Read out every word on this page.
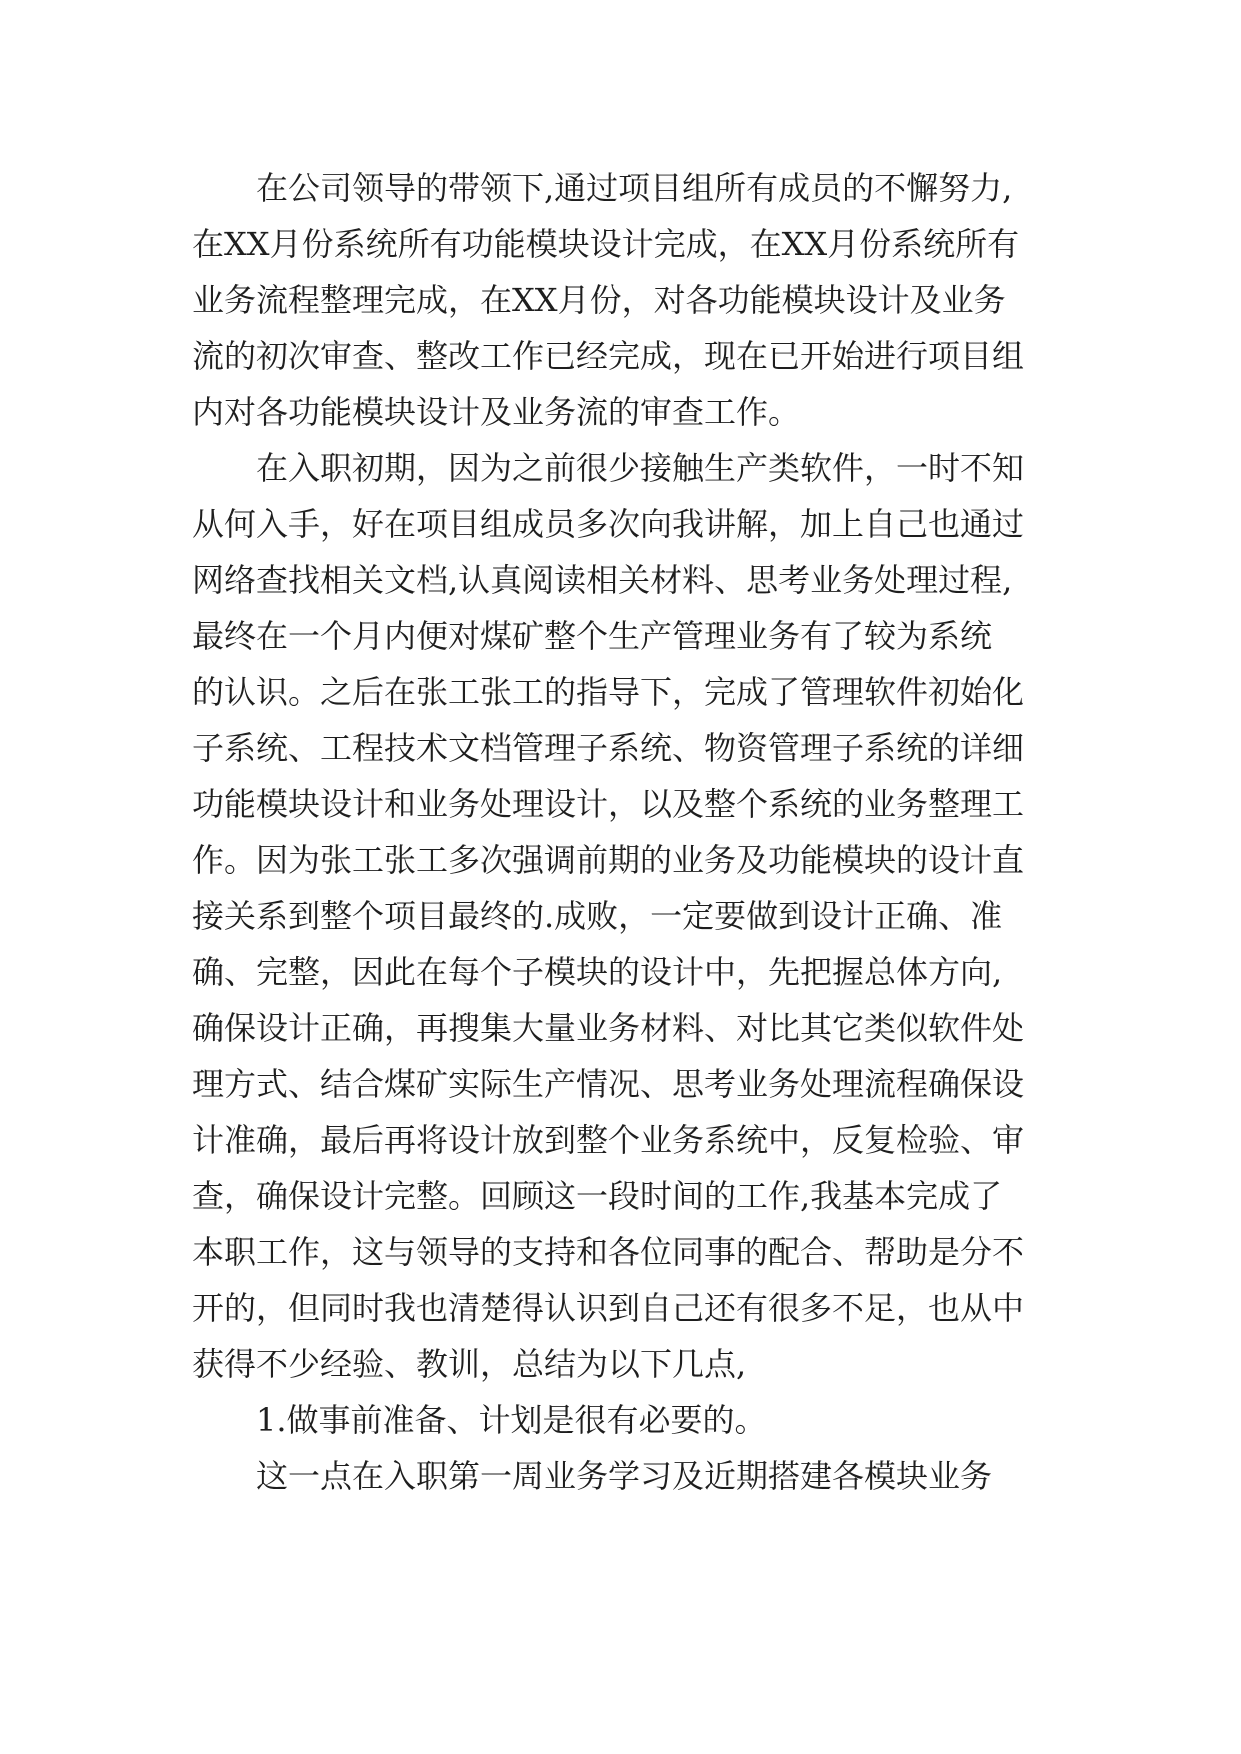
在公司领导的带领下,通过项目组所有成员的不懈努力,
在XX月份系统所有功能模块设计完成，在XX月份系统所有
业务流程整理完成，在XX月份，对各功能模块设计及业务
流的初次审查、整改工作已经完成，现在已开始进行项目组
内对各功能模块设计及业务流的审查工作。
在入职初期，因为之前很少接触生产类软件，一时不知
从何入手，好在项目组成员多次向我讲解，加上自己也通过
网络查找相关文档,认真阅读相关材料、思考业务处理过程,
最终在一个月内便对煤矿整个生产管理业务有了较为系统
的认识。之后在张工张工的指导下，完成了管理软件初始化
子系统、工程技术文档管理子系统、物资管理子系统的详细
功能模块设计和业务处理设计，以及整个系统的业务整理工
作。因为张工张工多次强调前期的业务及功能模块的设计直
接关系到整个项目最终的.成败，一定要做到设计正确、准
确、完整，因此在每个子模块的设计中，先把握总体方向,
确保设计正确，再搜集大量业务材料、对比其它类似软件处
理方式、结合煤矿实际生产情况、思考业务处理流程确保设
计准确，最后再将设计放到整个业务系统中，反复检验、审
查，确保设计完整。回顾这一段时间的工作,我基本完成了
本职工作，这与领导的支持和各位同事的配合、帮助是分不
开的，但同时我也清楚得认识到自己还有很多不足，也从中
获得不少经验、教训，总结为以下几点,
1.做事前准备、计划是很有必要的。
这一点在入职第一周业务学习及近期搭建各模块业务
